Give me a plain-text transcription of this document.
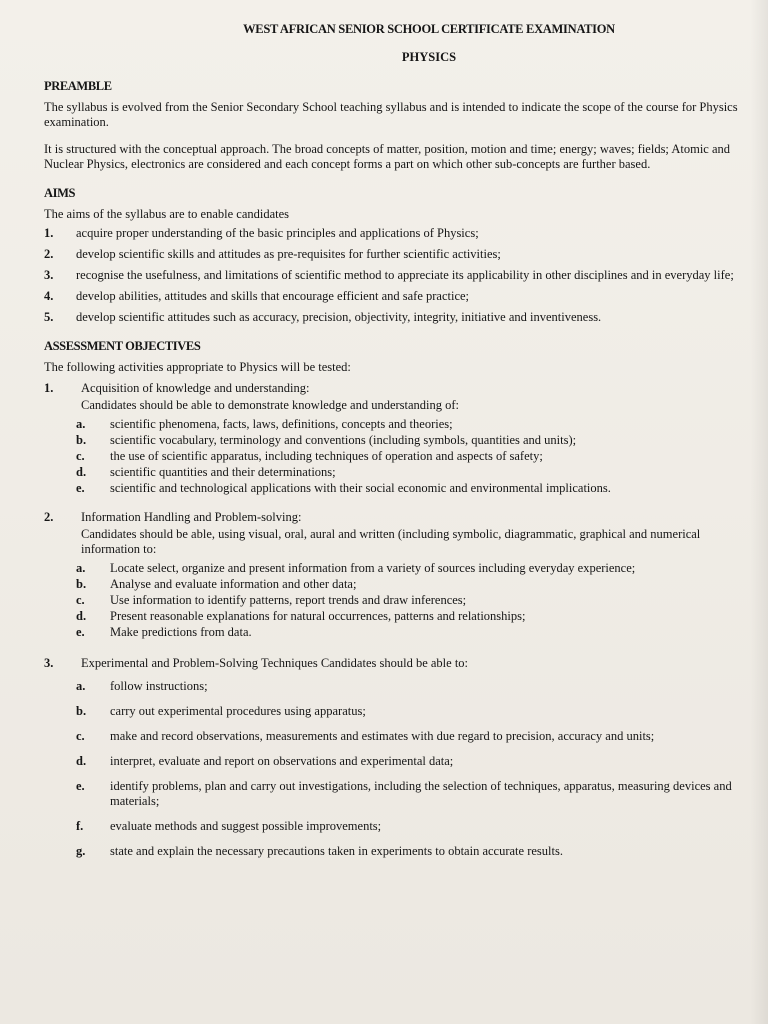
WEST AFRICAN SENIOR SCHOOL CERTIFICATE EXAMINATION
PHYSICS
PREAMBLE

The syllabus is evolved from the Senior Secondary School teaching syllabus and is intended to indicate the scope of the course for Physics examination.

It is structured with the conceptual approach. The broad concepts of matter, position, motion and time; energy; waves; fields; Atomic and Nuclear Physics, electronics are considered and each concept forms a part on which other sub-concepts are further based.

AIMS

The aims of the syllabus are to enable candidates

1.	acquire proper understanding of the basic principles and applications of Physics;
2.	develop scientific skills and attitudes as pre-requisites for further scientific activities;
3.	recognise the usefulness, and limitations of scientific method to appreciate its applicability in other disciplines and in everyday life;
4.	develop abilities, attitudes and skills that encourage efficient and safe practice;
5.	develop scientific attitudes such as accuracy, precision, objectivity, integrity, initiative and inventiveness.
ASSESSMENT OBJECTIVES

The following activities appropriate to Physics will be tested:

1.	Acquisition of knowledge and understanding:
Candidates should be able to demonstrate knowledge and understanding of:
a.	scientific phenomena, facts, laws, definitions, concepts and theories;
b.	scientific vocabulary, terminology and conventions (including symbols, quantities and units);
c.	the use of scientific apparatus, including techniques of operation and aspects of safety;
d.	scientific quantities and their determinations;
e.	scientific and technological applications with their social economic and environmental implications.
2.	Information Handling and Problem-solving:
Candidates should be able, using visual, oral, aural and written (including symbolic, diagrammatic, graphical and numerical information to:
a.	Locate select, organize and present information from a variety of sources including everyday experience;
b.	Analyse and evaluate information and other data;
c.	Use information to identify patterns, report trends and draw inferences;
d.	Present reasonable explanations for natural occurrences, patterns and relationships;
e.	Make predictions from data.
3.	Experimental and Problem-Solving Techniques Candidates should be able to:
a.	follow instructions;
b.	carry out experimental procedures using apparatus;
c.	make and record observations, measurements and estimates with due regard to precision, accuracy and units;
d.	interpret, evaluate and report on observations and experimental data;
e.	identify problems, plan and carry out investigations, including the selection of techniques, apparatus, measuring devices and materials;
f.	evaluate methods and suggest possible improvements;
g.	state and explain the necessary precautions taken in experiments to obtain accurate results.
